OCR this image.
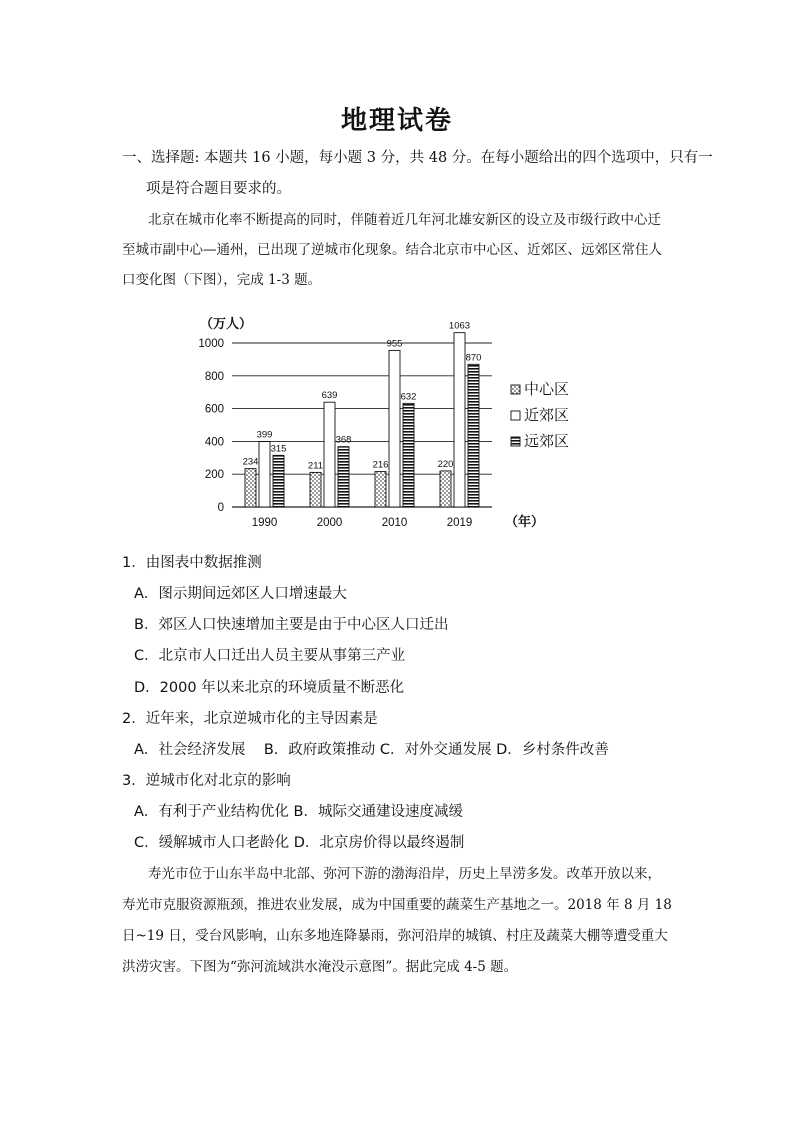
地理试卷
一、选择题: 本题共 16 小题，每小题 3 分，共 48 分。在每小题给出的四个选项中，只有一
项是符合题目要求的。
北京在城市化率不断提高的同时，伴随着近几年河北雄安新区的设立及市级行政中心迁
至城市副中心—通州，已出现了逆城市化现象。结合北京市中心区、近郊区、远郊区常住人
口变化图（下图），完成 1-3 题。
0
200
400
600
800
1000
234
399
315
1990
211
639
368
2000
216
955
632
2010
220
1063
870
2019
中心区
近郊区
远郊区
（万人）
（年）
1．由图表中数据推测
A．图示期间远郊区人口增速最大
B．郊区人口快速增加主要是由于中心区人口迁出
C．北京市人口迁出人员主要从事第三产业
D．2000 年以来北京的环境质量不断恶化
2．近年来，北京逆城市化的主导因素是
A．社会经济发展    B．政府政策推动 C．对外交通发展 D．乡村条件改善
3．逆城市化对北京的影响
A．有利于产业结构优化 B．城际交通建设速度减缓
C．缓解城市人口老龄化 D．北京房价得以最终遏制
寿光市位于山东半岛中北部、弥河下游的渤海沿岸，历史上旱涝多发。改革开放以来，
寿光市克服资源瓶颈，推进农业发展，成为中国重要的蔬菜生产基地之一。2018 年 8 月 18
日~19 日，受台风影响，山东多地连降暴雨，弥河沿岸的城镇、村庄及蔬菜大棚等遭受重大
洪涝灾害。下图为“弥河流域洪水淹没示意图”。据此完成 4-5 题。
